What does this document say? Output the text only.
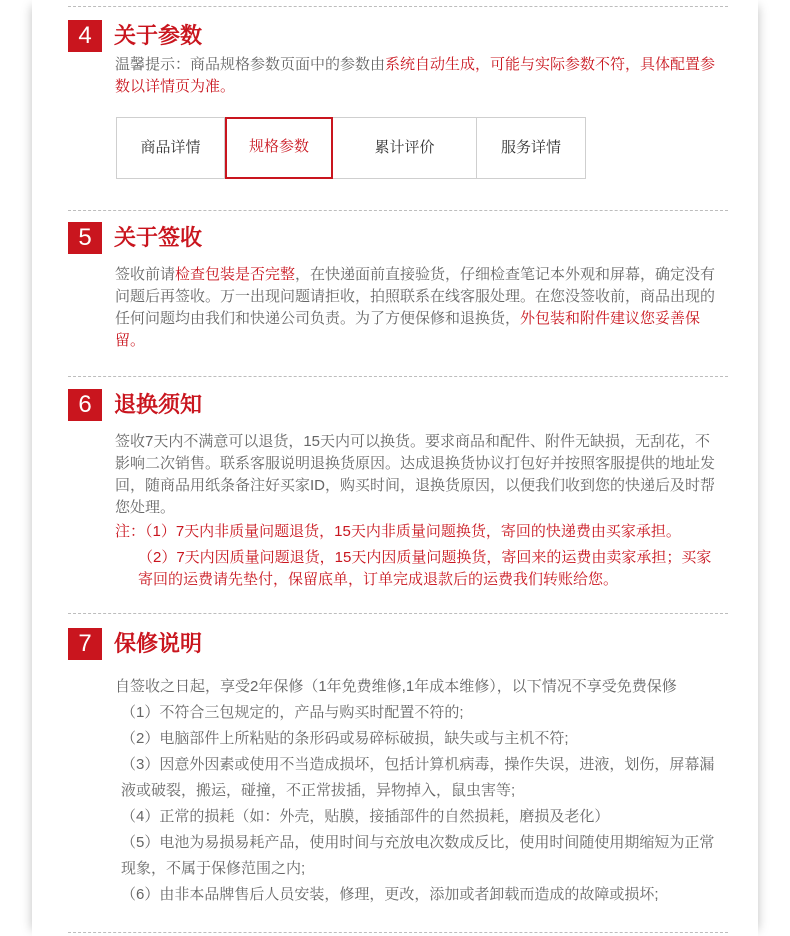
4	关于参数
温馨提示：商品规格参数页面中的参数由系统自动生成，可能与实际参数不符，具体配置参数以详情页为准。
商品详情	规格参数	累计评价	服务详情
5	关于签收
签收前请检查包装是否完整，在快递面前直接验货，仔细检查笔记本外观和屏幕，确定没有问题后再签收。万一出现问题请拒收，拍照联系在线客服处理。在您没签收前，商品出现的任何问题均由我们和快递公司负责。为了方便保修和退换货，外包装和附件建议您妥善保留。
6	退换须知
签收7天内不满意可以退货，15天内可以换货。要求商品和配件、附件无缺损，无刮花，不影响二次销售。联系客服说明退换货原因。达成退换货协议打包好并按照客服提供的地址发回，随商品用纸条备注好买家ID，购买时间，退换货原因，以便我们收到您的快递后及时帮您处理。
注：（1）7天内非质量问题退货，15天内非质量问题换货，寄回的快递费由买家承担。
（2）7天内因质量问题退货，15天内因质量问题换货，寄回来的运费由卖家承担；买家寄回的运费请先垫付，保留底单，订单完成退款后的运费我们转账给您。
7	保修说明

自签收之日起，享受2年保修（1年免费维修,1年成本维修），以下情况不享受免费保修

（1）不符合三包规定的，产品与购买时配置不符的;

（2）电脑部件上所粘贴的条形码或易碎标破损，缺失或与主机不符;

（3）因意外因素或使用不当造成损坏，包括计算机病毒，操作失误，进液，划伤，屏幕漏液或破裂，搬运，碰撞，不正常拔插，异物掉入，鼠虫害等;

（4）正常的损耗（如：外壳，贴膜，接插部件的自然损耗，磨损及老化）

（5）电池为易损易耗产品，使用时间与充放电次数成反比，使用时间随使用期缩短为正常现象，不属于保修范围之内;

（6）由非本品牌售后人员安装，修理，更改，添加或者卸载而造成的故障或损坏;
